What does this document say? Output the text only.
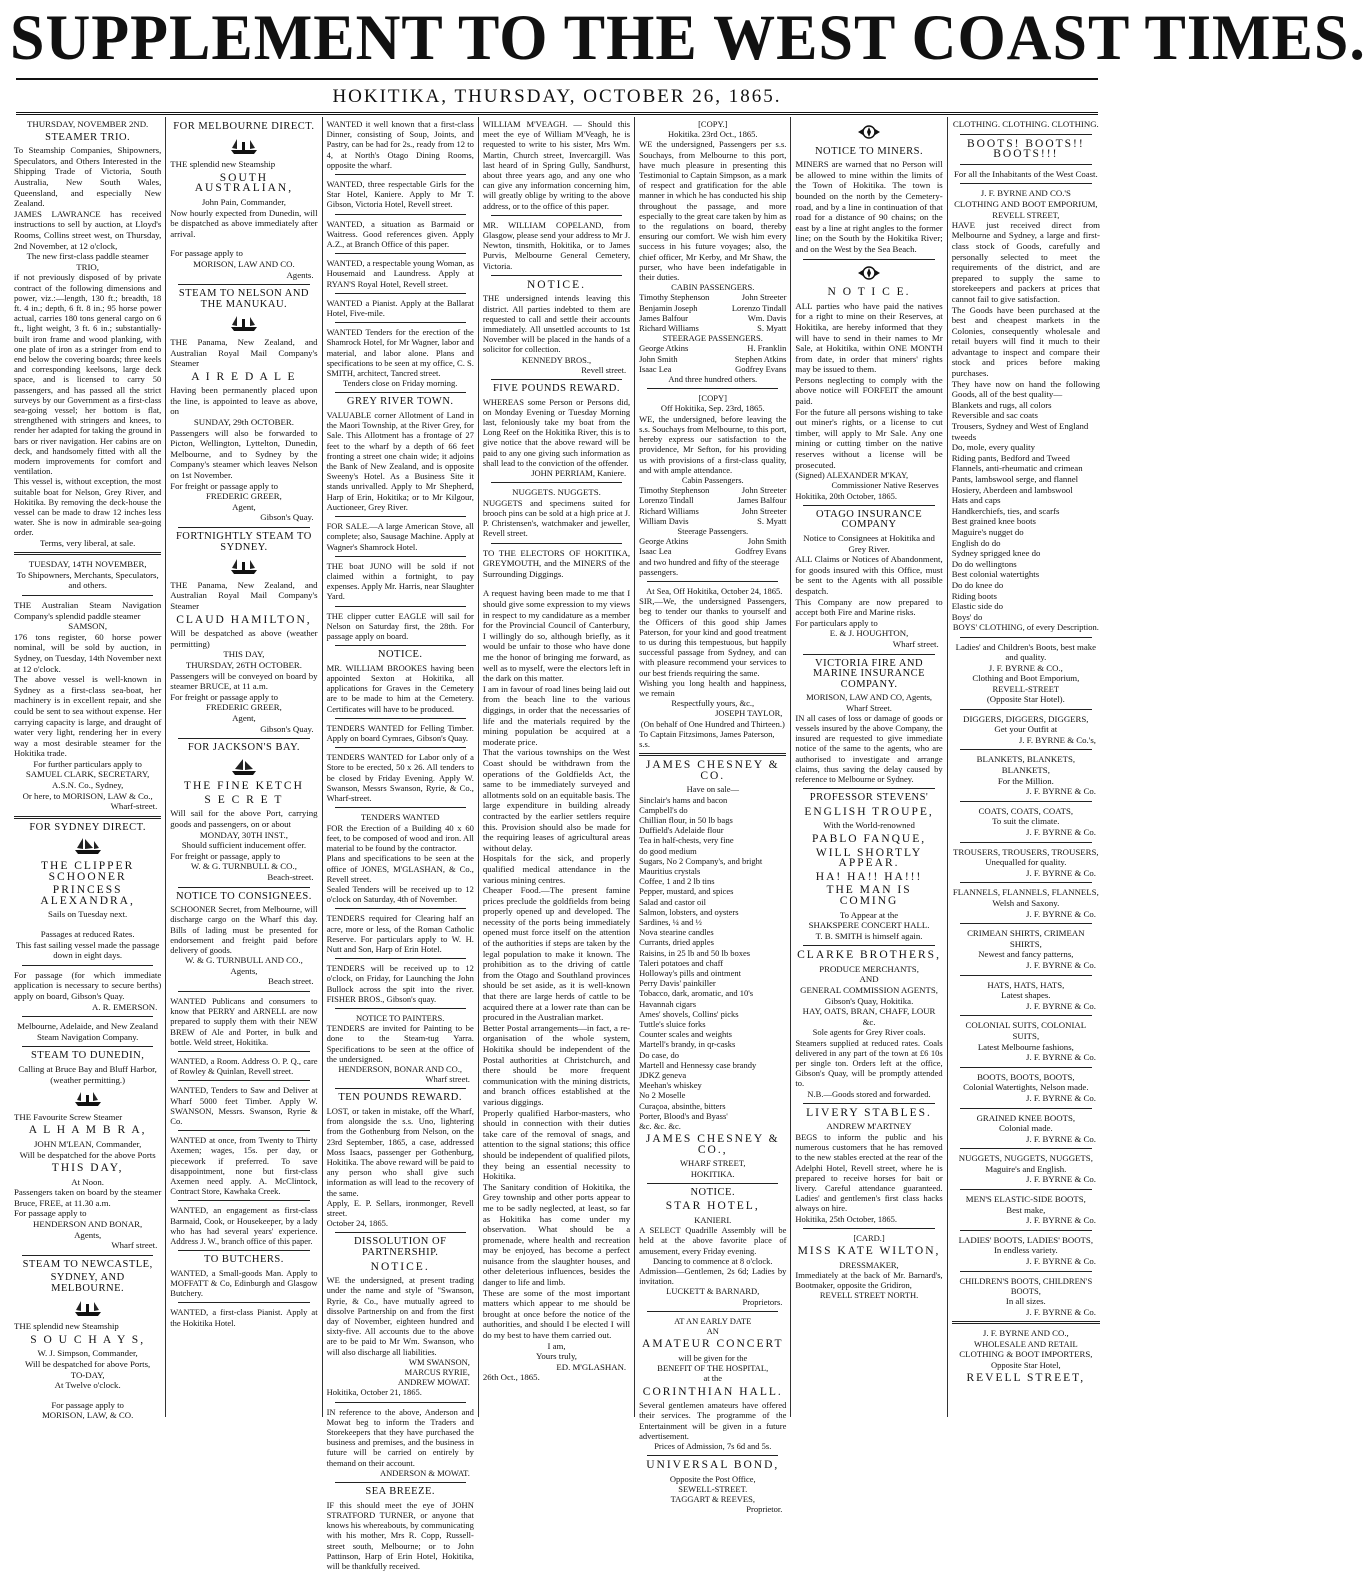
SUPPLEMENT TO THE WEST COAST TIMES.
HOKITIKA, THURSDAY, OCTOBER 26, 1865.
THURSDAY, NOVEMBER 2ND.
STEAMER TRIO.
To Steamship Companies, Shipowners, Speculators, and Others Interested in the Shipping Trade of Victoria, South Australia, New South Wales, Queensland, and especially New Zealand.
JAMES LAWRANCE has received instructions to sell by auction, at Lloyd's Rooms, Collins street west, on Thursday, 2nd November, at 12 o'clock,
The new first-class paddle steamer
TRIO,
if not previously disposed of by private contract of the following dimensions and power, viz.:—length, 130 ft.; breadth, 18 ft. 4 in.; depth, 6 ft. 8 in.; 95 horse power actual, carries 180 tons general cargo on 6 ft., light weight, 3 ft. 6 in.; substantially-built iron frame and wood planking, with one plate of iron as a stringer from end to end below the covering boards; three keels and corresponding keelsons, large deck space, and is licensed to carry 50 passengers, and has passed all the strict surveys by our Government as a first-class sea-going vessel; her bottom is flat, strengthened with stringers and knees, to render her adapted for taking the ground in bars or river navigation. Her cabins are on deck, and handsomely fitted with all the modern improvements for comfort and ventilation.
This vessel is, without exception, the most suitable boat for Nelson, Grey River, and Hokitika. By removing the deck-house the vessel can be made to draw 12 inches less water. She is now in admirable sea-going order.
Terms, very liberal, at sale.
TUESDAY, 14TH NOVEMBER,
To Shipowners, Merchants, Speculators, and others.
THE Australian Steam Navigation Company's splendid paddle steamer
SAMSON,
176 tons register, 60 horse power nominal, will be sold by auction, in Sydney, on Tuesday, 14th November next at 12 o'clock.
The above vessel is well-known in Sydney as a first-class sea-boat, her machinery is in excellent repair, and she could be sent to sea without expense. Her carrying capacity is large, and draught of water very light, rendering her in every way a most desirable steamer for the Hokitika trade.
For further particulars apply to
SAMUEL CLARK, SECRETARY,
A.S.N. Co., Sydney,
Or here, to MORISON, LAW & Co.,
Wharf-street.
FOR SYDNEY DIRECT.
THE CLIPPER SCHOONER
PRINCESS ALEXANDRA,
Sails on Tuesday next.
Passages at reduced Rates.
This fast sailing vessel made the passage down in eight days.
For passage (for which immediate application is necessary to secure berths) apply on board, Gibson's Quay.
A. R. EMERSON.
Melbourne, Adelaide, and New Zealand Steam Navigation Company.
STEAM TO DUNEDIN,
Calling at Bruce Bay and Bluff Harbor, (weather permitting.)
THE Favourite Screw Steamer
A L H A M B R A,
JOHN M'LEAN, Commander,
Will be despatched for the above Ports
THIS DAY,
At Noon.
Passengers taken on board by the steamer Bruce, FREE, at 11.30 a.m.
For passage apply to
HENDERSON AND BONAR,
Agents,
Wharf street.
STEAM TO NEWCASTLE,
SYDNEY, AND MELBOURNE.
THE splendid new Steamship
S O U C H A Y S,
W. J. Simpson, Commander,
Will be despatched for above Ports,
TO-DAY,
At Twelve o'clock.
For passage apply to
MORISON, LAW, & CO.
FOR MELBOURNE DIRECT.
THE splendid new Steamship
SOUTH AUSTRALIAN,
John Pain, Commander,
Now hourly expected from Dunedin, will be dispatched as above immediately after arrival.
For passage apply to
MORISON, LAW AND CO.
Agents.
STEAM TO NELSON AND THE MANUKAU.
THE Panama, New Zealand, and Australian Royal Mail Company's Steamer
A I R E D A L E
Having been permanently placed upon the line, is appointed to leave as above, on
SUNDAY, 29th OCTOBER.
Passengers will also be forwarded to Picton, Wellington, Lyttelton, Dunedin, Melbourne, and to Sydney by the Company's steamer which leaves Nelson on 1st November.
For freight or passage apply to
FREDERIC GREER,
Agent,
Gibson's Quay.
FORTNIGHTLY STEAM TO SYDNEY.
THE Panama, New Zealand, and Australian Royal Mail Company's Steamer
CLAUD HAMILTON,
Will be despatched as above (weather permitting)
THIS DAY,
THURSDAY, 26TH OCTOBER.
Passengers will be conveyed on board by steamer BRUCE, at 11 a.m.
For freight or passage apply to
FREDERIC GREER,
Agent,
Gibson's Quay.
FOR JACKSON'S BAY.
THE FINE KETCH
S E C R E T
Will sail for the above Port, carrying goods and passengers, on or about
MONDAY, 30TH INST.,
Should sufficient inducement offer.
For freight or passage, apply to
W. & G. TURNBULL & CO.,
Beach-street.
NOTICE TO CONSIGNEES.
SCHOONER Secret, from Melbourne, will discharge cargo on the Wharf this day. Bills of lading must be presented for endorsement and freight paid before delivery of goods.
W. & G. TURNBULL AND CO.,
Agents,
Beach street.
WANTED Publicans and consumers to know that PERRY and ARNELL are now prepared to supply them with their NEW BREW of Ale and Porter, in bulk and bottle. Weld street, Hokitika.
WANTED, a Room. Address O. P. Q., care of Rowley & Quinlan, Revell street.
WANTED, Tenders to Saw and Deliver at Wharf 5000 feet Timber. Apply W. SWANSON, Messrs. Swanson, Ryrie & Co.
WANTED at once, from Twenty to Thirty Axemen; wages, 15s. per day, or piecework if preferred. To save disappointment, none but first-class Axemen need apply. A. McClintock, Contract Store, Kawhaka Creek.
WANTED, an engagement as first-class Barmaid, Cook, or Housekeeper, by a lady who has had several years' experience. Address J. W., branch office of this paper.
TO BUTCHERS.
WANTED, a Small-goods Man. Apply to MOFFATT & Co, Edinburgh and Glasgow Butchery.
WANTED, a first-class Pianist. Apply at the Hokitika Hotel.
WANTED it well known that a first-class Dinner, consisting of Soup, Joints, and Pastry, can be had for 2s., ready from 12 to 4, at North's Otago Dining Rooms, opposite the wharf.
WANTED, three respectable Girls for the Star Hotel, Kaniere. Apply to Mr T. Gibson, Victoria Hotel, Revell street.
WANTED, a situation as Barmaid or Waitress. Good references given. Apply A.Z., at Branch Office of this paper.
WANTED, a respectable young Woman, as Housemaid and Laundress. Apply at RYAN'S Royal Hotel, Revell street.
WANTED a Pianist. Apply at the Ballarat Hotel, Five-mile.
WANTED Tenders for the erection of the Shamrock Hotel, for Mr Wagner, labor and material, and labor alone. Plans and specifications to be seen at my office, C. S. SMITH, architect, Tancred street.
Tenders close on Friday morning.
GREY RIVER TOWN.
VALUABLE corner Allotment of Land in the Maori Township, at the River Grey, for Sale. This Allotment has a frontage of 27 feet to the wharf by a depth of 66 feet fronting a street one chain wide; it adjoins the Bank of New Zealand, and is opposite Sweeny's Hotel. As a Business Site it stands unrivalled. Apply to Mr Shepherd, Harp of Erin, Hokitika; or to Mr Kilgour, Auctioneer, Grey River.
FOR SALE.—A large American Stove, all complete; also, Sausage Machine. Apply at Wagner's Shamrock Hotel.
THE boat JUNO will be sold if not claimed within a fortnight, to pay expenses. Apply Mr. Harris, near Slaughter Yard.
THE clipper cutter EAGLE will sail for Nelson on Saturday first, the 28th. For passage apply on board.
NOTICE.
MR. WILLIAM BROOKES having been appointed Sexton at Hokitika, all applications for Graves in the Cemetery are to be made to him at the Cemetery. Certificates will have to be produced.
TENDERS WANTED for Felling Timber. Apply on board Cymraes, Gibson's Quay.
TENDERS WANTED for Labor only of a Store to be erected, 50 x 26. All tenders to be closed by Friday Evening. Apply W. Swanson, Messrs Swanson, Ryrie, & Co., Wharf-street.
TENDERS WANTED
FOR the Erection of a Building 40 x 60 feet, to be composed of wood and iron. All material to be found by the contractor.
Plans and specifications to be seen at the office of JONES, M'GLASHAN, & Co., Revell street.
Sealed Tenders will be received up to 12 o'clock on Saturday, 4th of November.
TENDERS required for Clearing half an acre, more or less, of the Roman Catholic Reserve. For particulars apply to W. H. Nutt and Son, Harp of Erin Hotel.
TENDERS will be received up to 12 o'clock, on Friday, for Launching the John Bullock across the spit into the river. FISHER BROS., Gibson's quay.
NOTICE TO PAINTERS.
TENDERS are invited for Painting to be done to the Steam-tug Yarra. Specifications to be seen at the office of the undersigned.
HENDERSON, BONAR AND CO.,
Wharf street.
TEN POUNDS REWARD.
LOST, or taken in mistake, off the Wharf, from alongside the s.s. Uno, lightering from the Gothenburg from Nelson, on the 23rd September, 1865, a case, addressed Moss Isaacs, passenger per Gothenburg, Hokitika. The above reward will be paid to any person who shall give such information as will lead to the recovery of the same.
Apply, E. P. Sellars, ironmonger, Revell street.
October 24, 1865.
DISSOLUTION OF PARTNERSHIP.
NOTICE.
WE the undersigned, at present trading under the name and style of "Swanson, Ryrie, & Co., have mutually agreed to dissolve Partnership on and from the first day of November, eighteen hundred and sixty-five. All accounts due to the above are to be paid to Mr Wm. Swanson, who will also discharge all liabilities.
WM SWANSON,
MARCUS RYRIE,
ANDREW MOWAT.
Hokitika, October 21, 1865.
IN reference to the above, Anderson and Mowat beg to inform the Traders and Storekeepers that they have purchased the business and premises, and the business in future will be carried on entirely by themand on their account.
ANDERSON & MOWAT.
SEA BREEZE.
IF this should meet the eye of JOHN STRATFORD TURNER, or anyone that knows his whereabouts, by communicating with his mother, Mrs R. Copp, Russell-street south, Melbourne; or to John Pattinson, Harp of Erin Hotel, Hokitika, will be thankfully received.
WILLIAM M'VEAGH. — Should this meet the eye of William M'Veagh, he is requested to write to his sister, Mrs Wm. Martin, Church street, Invercargill. Was last heard of in Spring Gully, Sandhurst, about three years ago, and any one who can give any information concerning him, will greatly oblige by writing to the above address, or to the office of this paper.
MR. WILLIAM COPELAND, from Glasgow, please send your address to Mr J. Newton, tinsmith, Hokitika, or to James Purvis, Melbourne General Cemetery, Victoria.
NOTICE.
THE undersigned intends leaving this district. All parties indebted to them are requested to call and settle their accounts immediately. All unsettled accounts to 1st November will be placed in the hands of a solicitor for collection.
KENNEDY BROS.,
Revell street.
FIVE POUNDS REWARD.
WHEREAS some Person or Persons did, on Monday Evening or Tuesday Morning last, feloniously take my boat from the Long Reef on the Hokitika River, this is to give notice that the above reward will be paid to any one giving such information as shall lead to the conviction of the offender.
JOHN PERRIAM, Kaniere.
NUGGETS. NUGGETS.
NUGGETS and specimens suited for brooch pins can be sold at a high price at J. P. Christensen's, watchmaker and jeweller, Revell street.
TO THE ELECTORS OF HOKITIKA, GREYMOUTH, and the MINERS of the Surrounding Diggings.
A request having been made to me that I should give some expression to my views in respect to my candidature as a member for the Provincial Council of Canterbury, I willingly do so, although briefly, as it would be unfair to those who have done me the honor of bringing me forward, as well as to myself, were the electors left in the dark on this matter.
I am in favour of road lines being laid out from the beach line to the various diggings, in order that the necessaries of life and the materials required by the mining population be acquired at a moderate price.
That the various townships on the West Coast should be withdrawn from the operations of the Goldfields Act, the same to be immediately surveyed and allotments sold on an equitable basis. The large expenditure in building already contracted by the earlier settlers require this. Provision should also be made for the requiring leases of agricultural areas without delay.
Hospitals for the sick, and properly qualified medical attendance in the various mining centres.
Cheaper Food.—The present famine prices preclude the goldfields from being properly opened up and developed. The necessity of the ports being immediately opened must force itself on the attention of the authorities if steps are taken by the legal population to make it known. The prohibition as to the driving of cattle from the Otago and Southland provinces should be set aside, as it is well-known that there are large herds of cattle to be acquired there at a lower rate than can be procured in the Australian market.
Better Postal arrangements—in fact, a re-organisation of the whole system, Hokitika should be independent of the Postal authorities at Christchurch, and there should be more frequent communication with the mining districts, and branch offices established at the various diggings.
Properly qualified Harbor-masters, who should in connection with their duties take care of the removal of snags, and attention to the signal stations; this office should be independent of qualified pilots, they being an essential necessity to Hokitika.
The Sanitary condition of Hokitika, the Grey township and other ports appear to me to be sadly neglected, at least, so far as Hokitika has come under my observation. What should be a promenade, where health and recreation may be enjoyed, has become a perfect nuisance from the slaughter houses, and other deleterious influences, besides the danger to life and limb.
These are some of the most important matters which appear to me should be brought at once before the notice of the authorities, and should I be elected I will do my best to have them carried out.
I am,
Yours truly,
ED. M'GLASHAN.
26th Oct., 1865.
[COPY.]
Hokitika. 23rd Oct., 1865.
WE the undersigned, Passengers per s.s. Souchays, from Melbourne to this port, have much pleasure in presenting this Testimonial to Captain Simpson, as a mark of respect and gratification for the able manner in which he has conducted his ship throughout the passage, and more especially to the great care taken by him as to the regulations on board, thereby ensuring our comfort. We wish him every success in his future voyages; also, the chief officer, Mr Kerby, and Mr Shaw, the purser, who have been indefatigable in their duties.
CABIN PASSENGERS.
Timothy Stephenson	John Streeter
Benjamin Joseph	Lorenzo Tindall
James Balfour	Wm. Davis
Richard Williams	S. Myatt
STEERAGE PASSENGERS.
George Atkins	H. Franklin
John Smith	Stephen Atkins
Isaac Lea	Godfrey Evans
And three hundred others.
[COPY]
Off Hokitika, Sep. 23rd, 1865.
WE, the undersigned, before leaving the s.s. Souchays from Melbourne, to this port, hereby express our satisfaction to the providence, Mr Sefton, for his providing us with provisions of a first-class quality, and with ample attendance.
Cabin Passengers.
Timothy Stephenson	John Streeter
Lorenzo Tindall	James Balfour
Richard Williams	John Streeter
William Davis	S. Myatt
Steerage Passengers.
George Atkins	John Smith
Isaac Lea	Godfrey Evans
and two hundred and fifty of the steerage passengers.
At Sea, Off Hokitika, October 24, 1865.
SIR,—We, the undersigned Passengers, beg to tender our thanks to yourself and the Officers of this good ship James Paterson, for your kind and good treatment to us during this tempestuous, but happily successful passage from Sydney, and can with pleasure recommend your services to our best friends requiring the same.
Wishing you long health and happiness, we remain
Respectfully yours, &c.,
JOSEPH TAYLOR,
(On behalf of One Hundred and Thirteen.)
To Captain Fitzsimons, James Paterson, s.s.
JAMES CHESNEY & CO.
Have on sale—
Sinclair's hams and bacon
Campbell's do
Chillian flour, in 50 lb bags
Duffield's Adelaide flour
Tea in half-chests, very fine
do good medium
Sugars, No 2 Company's, and bright Mauritius crystals
Coffee, 1 and 2 lb tins
Pepper, mustard, and spices
Salad and castor oil
Salmon, lobsters, and oysters
Sardines, ¼ and ½
Nova stearine candles
Currants, dried apples
Raisins, in 25 lb and 50 lb boxes
Taleri potatoes and chaff
Holloway's pills and ointment
Perry Davis' painkiller
Tobacco, dark, aromatic, and 10's
Havannah cigars
Ames' shovels, Collins' picks
Tuttle's sluice forks
Counter scales and weights
Martell's brandy, in qr-casks
Do case, do
Martell and Hennessy case brandy
JDKZ geneva
Meehan's whiskey
No 2 Moselle
Curaçoa, absinthe, bitters
Porter, Blood's and Byass'
&c. &c. &c.
JAMES CHESNEY & CO.,
WHARF STREET,
HOKITIKA.
NOTICE.
STAR HOTEL,
KANIERI.
A SELECT Quadrille Assembly will be held at the above favorite place of amusement, every Friday evening.
Dancing to commence at 8 o'clock.
Admission—Gentlemen, 2s 6d; Ladies by invitation.
LUCKETT & BARNARD,
Proprietors.
AT AN EARLY DATE
AN
AMATEUR CONCERT
will be given for the
BENEFIT OF THE HOSPITAL,
at the
CORINTHIAN HALL.
Several gentlemen amateurs have offered their services. The programme of the Entertainment will be given in a future advertisement.
Prices of Admission, 7s 6d and 5s.
UNIVERSAL BOND,
Opposite the Post Office,
SEWELL-STREET.
TAGGART & REEVES,
Proprietor.
NOTICE TO MINERS.
MINERS are warned that no Person will be allowed to mine within the limits of the Town of Hokitika. The town is bounded on the north by the Cemetery-road, and by a line in continuation of that road for a distance of 90 chains; on the east by a line at right angles to the former line; on the South by the Hokitika River; and on the West by the Sea Beach.
N O T I C E.
ALL parties who have paid the natives for a right to mine on their Reserves, at Hokitika, are hereby informed that they will have to send in their names to Mr Sale, at Hokitika, within ONE MONTH from date, in order that miners' rights may be issued to them.
Persons neglecting to comply with the above notice will FORFEIT the amount paid.
For the future all persons wishing to take out miner's rights, or a license to cut timber, will apply to Mr Sale. Any one mining or cutting timber on the native reserves without a license will be prosecuted.
(Signed) ALEXANDER M'KAY,
Commissioner Native Reserves
Hokitika, 20th October, 1865.
OTAGO INSURANCE COMPANY
Notice to Consignees at Hokitika and Grey River.
ALL Claims or Notices of Abandonment, for goods insured with this Office, must be sent to the Agents with all possible despatch.
This Company are now prepared to accept both Fire and Marine risks.
For particulars apply to
E. & J. HOUGHTON,
Wharf street.
VICTORIA FIRE AND MARINE INSURANCE COMPANY.
MORISON, LAW AND CO, Agents, Wharf Street.
IN all cases of loss or damage of goods or vessels insured by the above Company, the insured are requested to give immediate notice of the same to the agents, who are authorised to investigate and arrange claims, thus saving the delay caused by reference to Melbourne or Sydney.
PROFESSOR STEVENS'
ENGLISH TROUPE,
With the World-renowned
PABLO FANQUE,
WILL SHORTLY APPEAR.
HA! HA!! HA!!!
THE MAN IS COMING
To Appear at the
SHAKSPERE CONCERT HALL.
T. B. SMITH is himself again.
CLARKE BROTHERS,
PRODUCE MERCHANTS,
AND
GENERAL COMMISSION AGENTS,
Gibson's Quay, Hokitika.
HAY, OATS, BRAN, CHAFF, LOUR &c.
Sole agents for Grey River coals.
Steamers supplied at reduced rates. Coals delivered in any part of the town at £6 10s per single ton. Orders left at the office, Gibson's Quay, will be promptly attended to.
N.B.—Goods stored and forwarded.
LIVERY STABLES.
ANDREW M'ARTNEY
BEGS to inform the public and his numerous customers that he has removed to the new stables erected at the rear of the Adelphi Hotel, Revell street, where he is prepared to receive horses for bait or livery. Careful attendance guaranteed. Ladies' and gentlemen's first class hacks always on hire.
Hokitika, 25th October, 1865.
[CARD.]
MISS KATE WILTON,
DRESSMAKER,
Immediately at the back of Mr. Barnard's, Bootmaker, opposite the Gridiron,
REVELL STREET NORTH.
CLOTHING. CLOTHING. CLOTHING.
BOOTS! BOOTS!! BOOTS!!!
For all the Inhabitants of the West Coast.
J. F. BYRNE AND CO.'S
CLOTHING AND BOOT EMPORIUM,
REVELL STREET,
HAVE just received direct from Melbourne and Sydney, a large and first-class stock of Goods, carefully and personally selected to meet the requirements of the district, and are prepared to supply the same to storekeepers and packers at prices that cannot fail to give satisfaction.
The Goods have been purchased at the best and cheapest markets in the Colonies, consequently wholesale and retail buyers will find it much to their advantage to inspect and compare their stock and prices before making purchases.
They have now on hand the following Goods, all of the best quality—
Blankets and rugs, all colors
Reversible and sac coats
Trousers, Sydney and West of England tweeds
Do, mole, every quality
Riding pants, Bedford and Tweed
Flannels, anti-rheumatic and crimean
Pants, lambswool serge, and flannel
Hosiery, Aberdeen and lambswool
Hats and caps
Handkerchiefs, ties, and scarfs
Best grained knee boots
Maguire's nugget do
English do do
Sydney sprigged knee do
Do do wellingtons
Best colonial watertights
Do do knee do
Riding boots
Elastic side do
Boys' do
BOYS' CLOTHING, of every Description.
Ladies' and Children's Boots, best make and quality.
J. F. BYRNE & CO.,
Clothing and Boot Emporium,
REVELL-STREET
(Opposite Star Hotel).
DIGGERS, DIGGERS, DIGGERS,
Get your Outfit at
J. F. BYRNE & Co.'s,
BLANKETS, BLANKETS, BLANKETS,
For the Million.
J. F. BYRNE & Co.
COATS, COATS, COATS,
To suit the climate.
J. F. BYRNE & Co.
TROUSERS, TROUSERS, TROUSERS,
Unequalled for quality.
J. F. BYRNE & Co.
FLANNELS, FLANNELS, FLANNELS,
Welsh and Saxony.
J. F. BYRNE & Co.
CRIMEAN SHIRTS, CRIMEAN SHIRTS,
Newest and fancy patterns,
J. F. BYRNE & Co.
HATS, HATS, HATS,
Latest shapes.
J. F. BYRNE & Co.
COLONIAL SUITS, COLONIAL SUITS,
Latest Melbourne fashions,
J. F. BYRNE & Co.
BOOTS, BOOTS, BOOTS,
Colonial Watertights, Nelson made.
J. F. BYRNE & Co.
GRAINED KNEE BOOTS,
Colonial made.
J. F. BYRNE & Co.
NUGGETS, NUGGETS, NUGGETS,
Maguire's and English.
J. F. BYRNE & Co.
MEN'S ELASTIC-SIDE BOOTS,
Best make,
J. F. BYRNE & Co.
LADIES' BOOTS, LADIES' BOOTS,
In endless variety.
J. F. BYRNE & Co.
CHILDREN'S BOOTS, CHILDREN'S BOOTS,
In all sizes.
J. F. BYRNE & Co.
J. F. BYRNE AND CO.,
WHOLESALE AND RETAIL
CLOTHING & BOOT IMPORTERS,
Opposite Star Hotel,
REVELL STREET,
